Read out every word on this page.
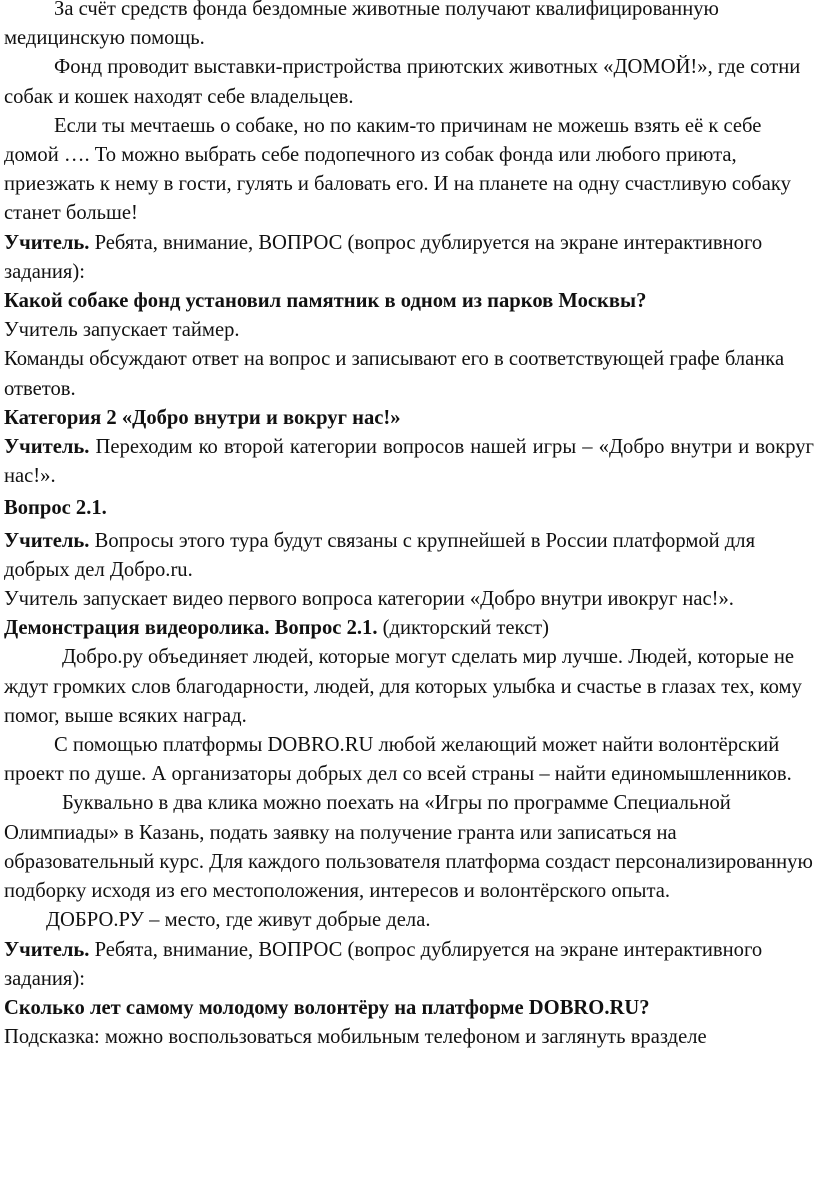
За счёт средств фонда бездомные животные получают квалифицированную медицинскую помощь.

Фонд проводит выставки-пристройства приютских животных «ДОМОЙ!», где сотни собак и кошек находят себе владельцев.

Если ты мечтаешь о собаке, но по каким-то причинам не можешь взять её к себе домой …. То можно выбрать себе подопечного из собак фонда или любого приюта, приезжать к нему в гости, гулять и баловать его. И на планете на одну счастливую собаку станет больше!

Учитель. Ребята, внимание, ВОПРОС (вопрос дублируется на экране интерактивного задания):

Какой собаке фонд установил памятник в одном из парков Москвы?

Учитель запускает таймер.

Команды обсуждают ответ на вопрос и записывают его в соответствующей графе бланка ответов.

Категория 2 «Добро внутри и вокруг нас!»

Учитель. Переходим ко второй категории вопросов нашей игры – «Добро внутри и вокруг нас!».

Вопрос 2.1.

Учитель. Вопросы этого тура будут связаны с крупнейшей в России платформой для добрых дел Добро.ru.

Учитель запускает видео первого вопроса категории «Добро внутри ивокруг нас!».

Демонстрация видеоролика. Вопрос 2.1. (дикторский текст)

Добро.ру объединяет людей, которые могут сделать мир лучше. Людей, которые не ждут громких слов благодарности, людей, для которых улыбка и счастье в глазах тех, кому помог, выше всяких наград.

С помощью платформы DOBRO.RU любой желающий может найти волонтёрский проект по душе. А организаторы добрых дел со всей страны – найти единомышленников.

Буквально в два клика можно поехать на «Игры по программе Специальной Олимпиады» в Казань, подать заявку на получение гранта или записаться на образовательный курс. Для каждого пользователя платформа создаст персонализированную подборку исходя из его местоположения, интересов и волонтёрского опыта.

ДОБРО.РУ – место, где живут добрые дела.

Учитель. Ребята, внимание, ВОПРОС (вопрос дублируется на экране интерактивного задания):

Сколько лет самому молодому волонтёру на платформе DOBRO.RU?

Подсказка: можно воспользоваться мобильным телефоном и заглянуть вразделе
